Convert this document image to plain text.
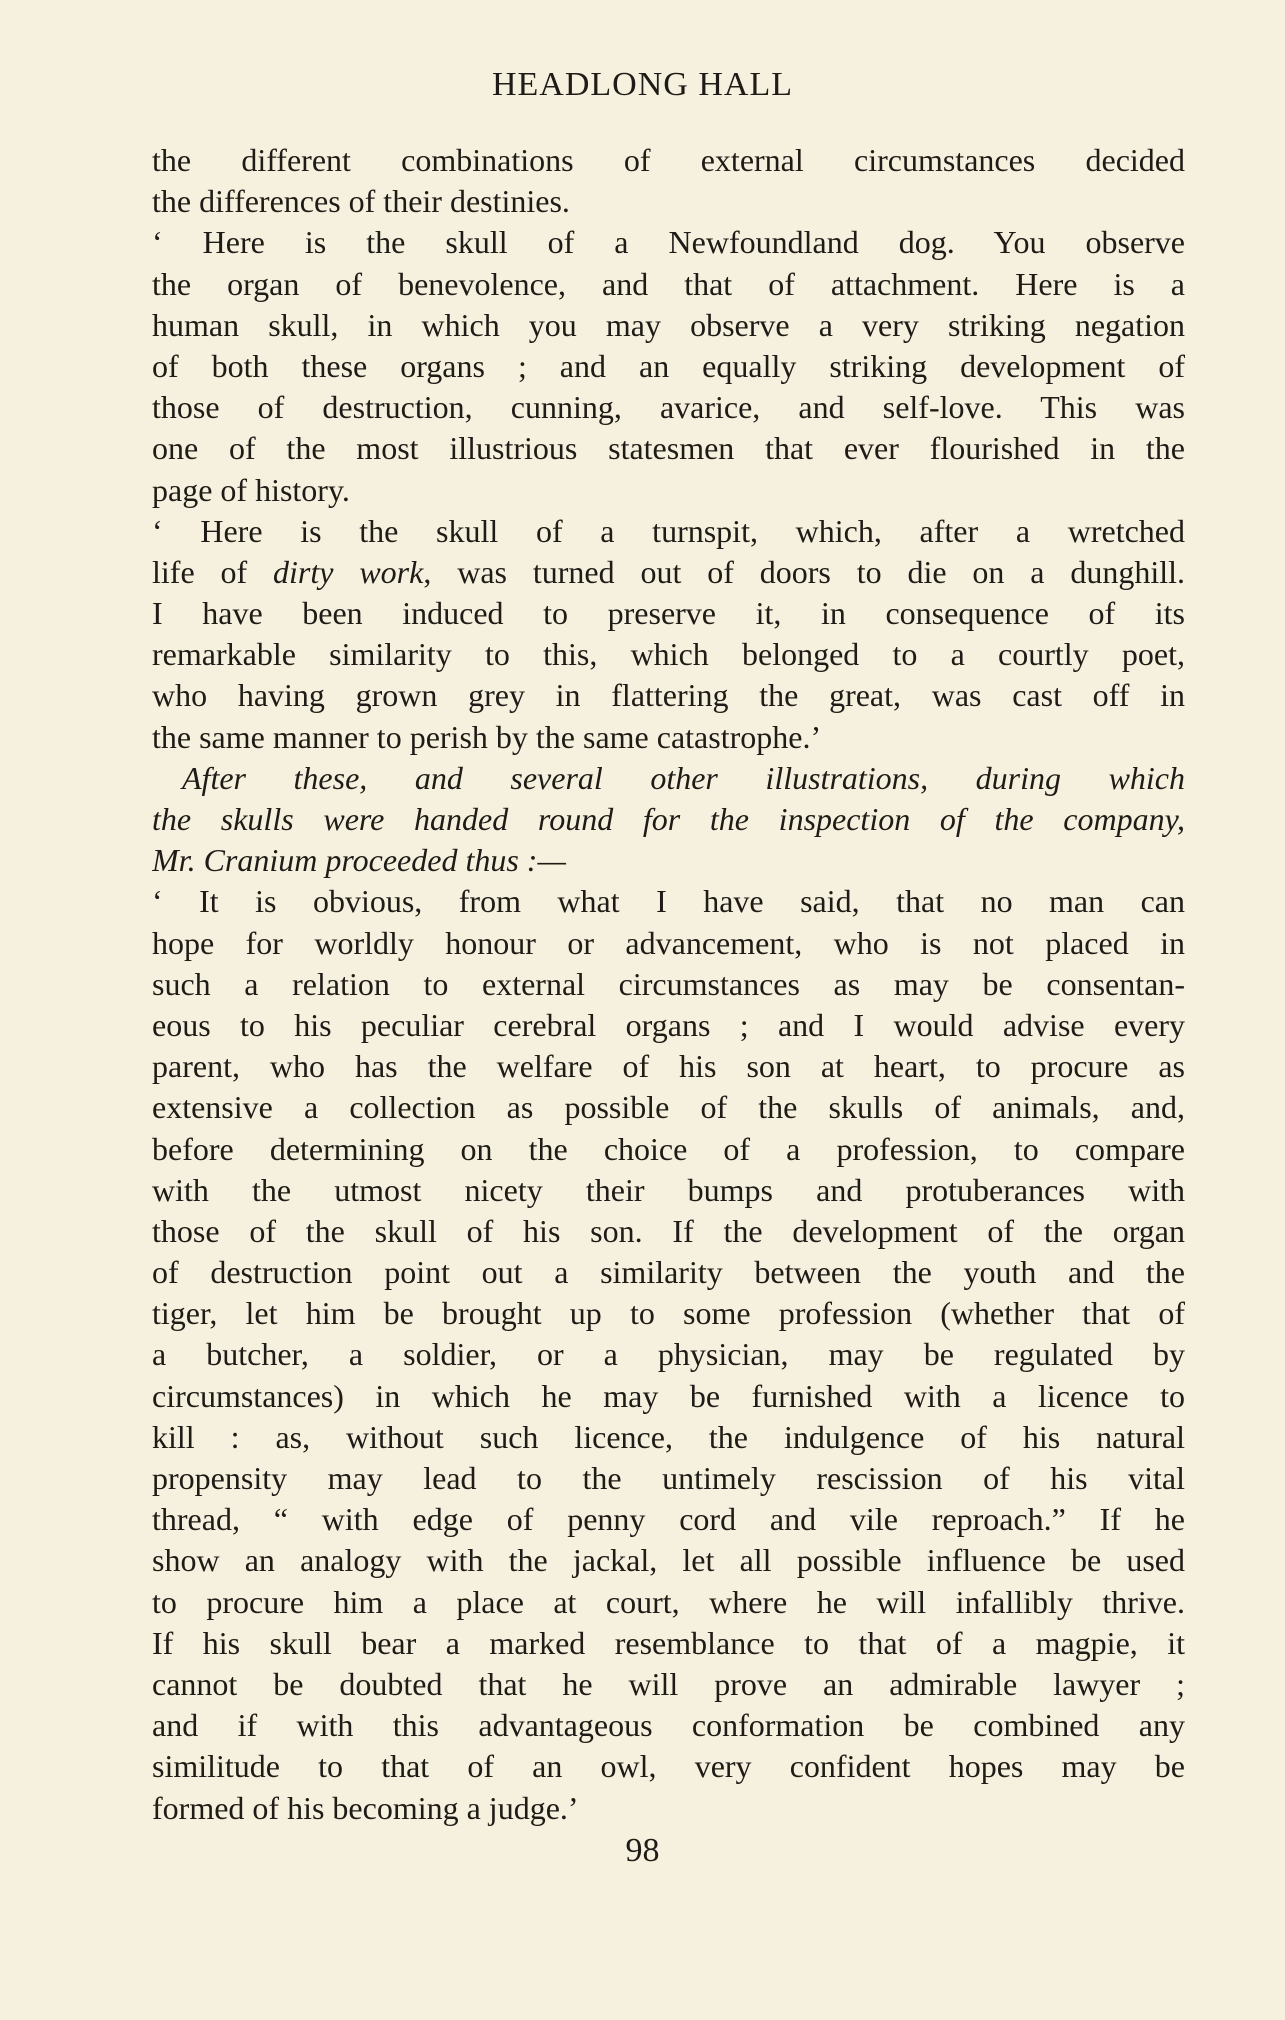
HEADLONG HALL
the different combinations of external circumstances decided
the differences of their destinies.
‘ Here is the skull of a Newfoundland dog. You observe
the organ of benevolence, and that of attachment. Here is a
human skull, in which you may observe a very striking negation
of both these organs ; and an equally striking development of
those of destruction, cunning, avarice, and self-love. This was
one of the most illustrious statesmen that ever flourished in the
page of history.
‘ Here is the skull of a turnspit, which, after a wretched
life of dirty work, was turned out of doors to die on a dunghill.
I have been induced to preserve it, in consequence of its
remarkable similarity to this, which belonged to a courtly poet,
who having grown grey in flattering the great, was cast off in
the same manner to perish by the same catastrophe.’
After these, and several other illustrations, during which
the skulls were handed round for the inspection of the company,
Mr. Cranium proceeded thus :—
‘ It is obvious, from what I have said, that no man can
hope for worldly honour or advancement, who is not placed in
such a relation to external circumstances as may be consentan-
eous to his peculiar cerebral organs ; and I would advise every
parent, who has the welfare of his son at heart, to procure as
extensive a collection as possible of the skulls of animals, and,
before determining on the choice of a profession, to compare
with the utmost nicety their bumps and protuberances with
those of the skull of his son. If the development of the organ
of destruction point out a similarity between the youth and the
tiger, let him be brought up to some profession (whether that of
a butcher, a soldier, or a physician, may be regulated by
circumstances) in which he may be furnished with a licence to
kill : as, without such licence, the indulgence of his natural
propensity may lead to the untimely rescission of his vital
thread, “ with edge of penny cord and vile reproach.” If he
show an analogy with the jackal, let all possible influence be used
to procure him a place at court, where he will infallibly thrive.
If his skull bear a marked resemblance to that of a magpie, it
cannot be doubted that he will prove an admirable lawyer ;
and if with this advantageous conformation be combined any
similitude to that of an owl, very confident hopes may be
formed of his becoming a judge.’
98
